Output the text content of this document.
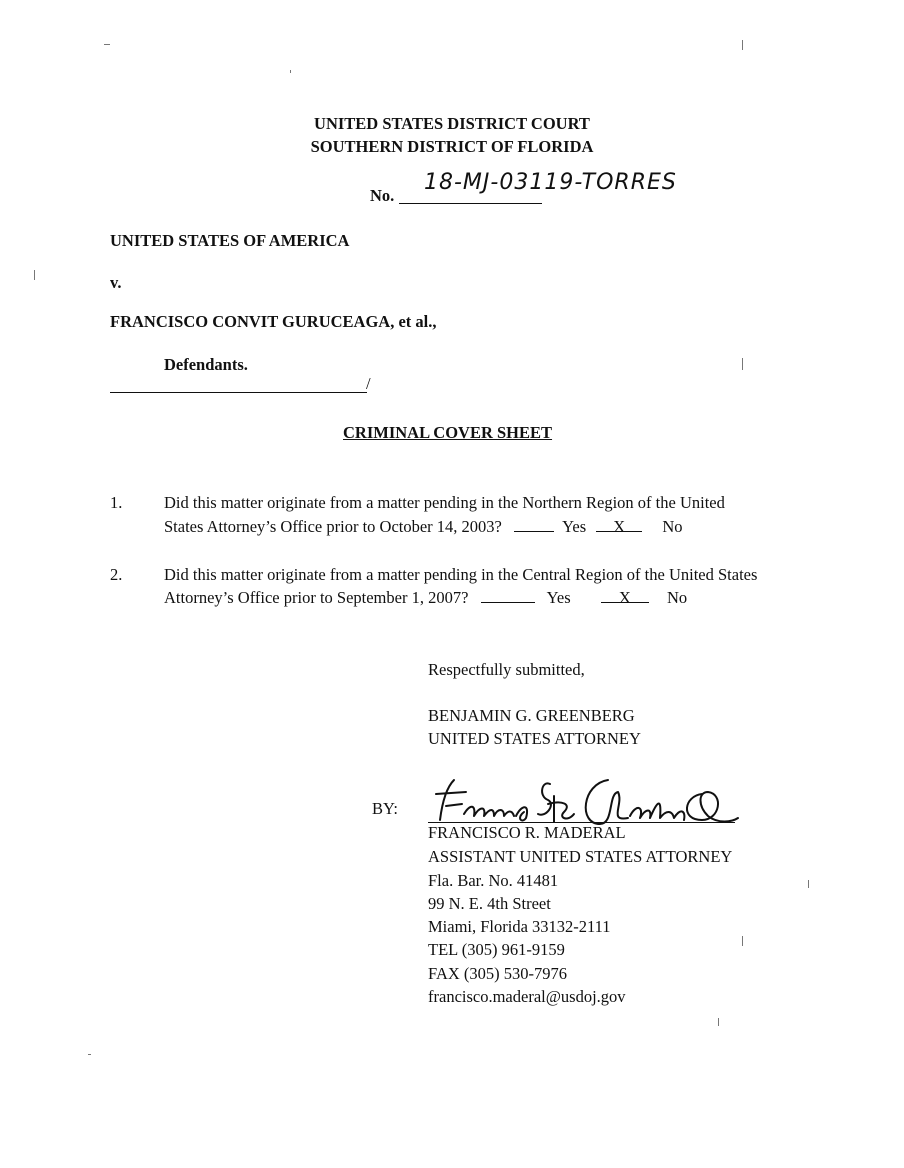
UNITED STATES DISTRICT COURT
SOUTHERN DISTRICT OF FLORIDA
No.
18-MJ-03119-TORRES
UNITED STATES OF AMERICA
v.
FRANCISCO CONVIT GURUCEAGA, et al.,
Defendants.
/
CRIMINAL COVER SHEET
1.	Did this matter originate from a matter pending in the Northern Region of the United
States Attorney’s Office prior to October 14, 2003?	Yes X No
2.	Did this matter originate from a matter pending in the Central Region of the United States
Attorney’s Office prior to September 1, 2007?	Yes	X No
Respectfully submitted,
BENJAMIN G. GREENBERG
UNITED STATES ATTORNEY
BY:
FRANCISCO R. MADERAL
ASSISTANT UNITED STATES ATTORNEY
Fla. Bar. No. 41481
99 N. E. 4th Street
Miami, Florida 33132-2111
TEL (305) 961-9159
FAX (305) 530-7976
francisco.maderal@usdoj.gov
